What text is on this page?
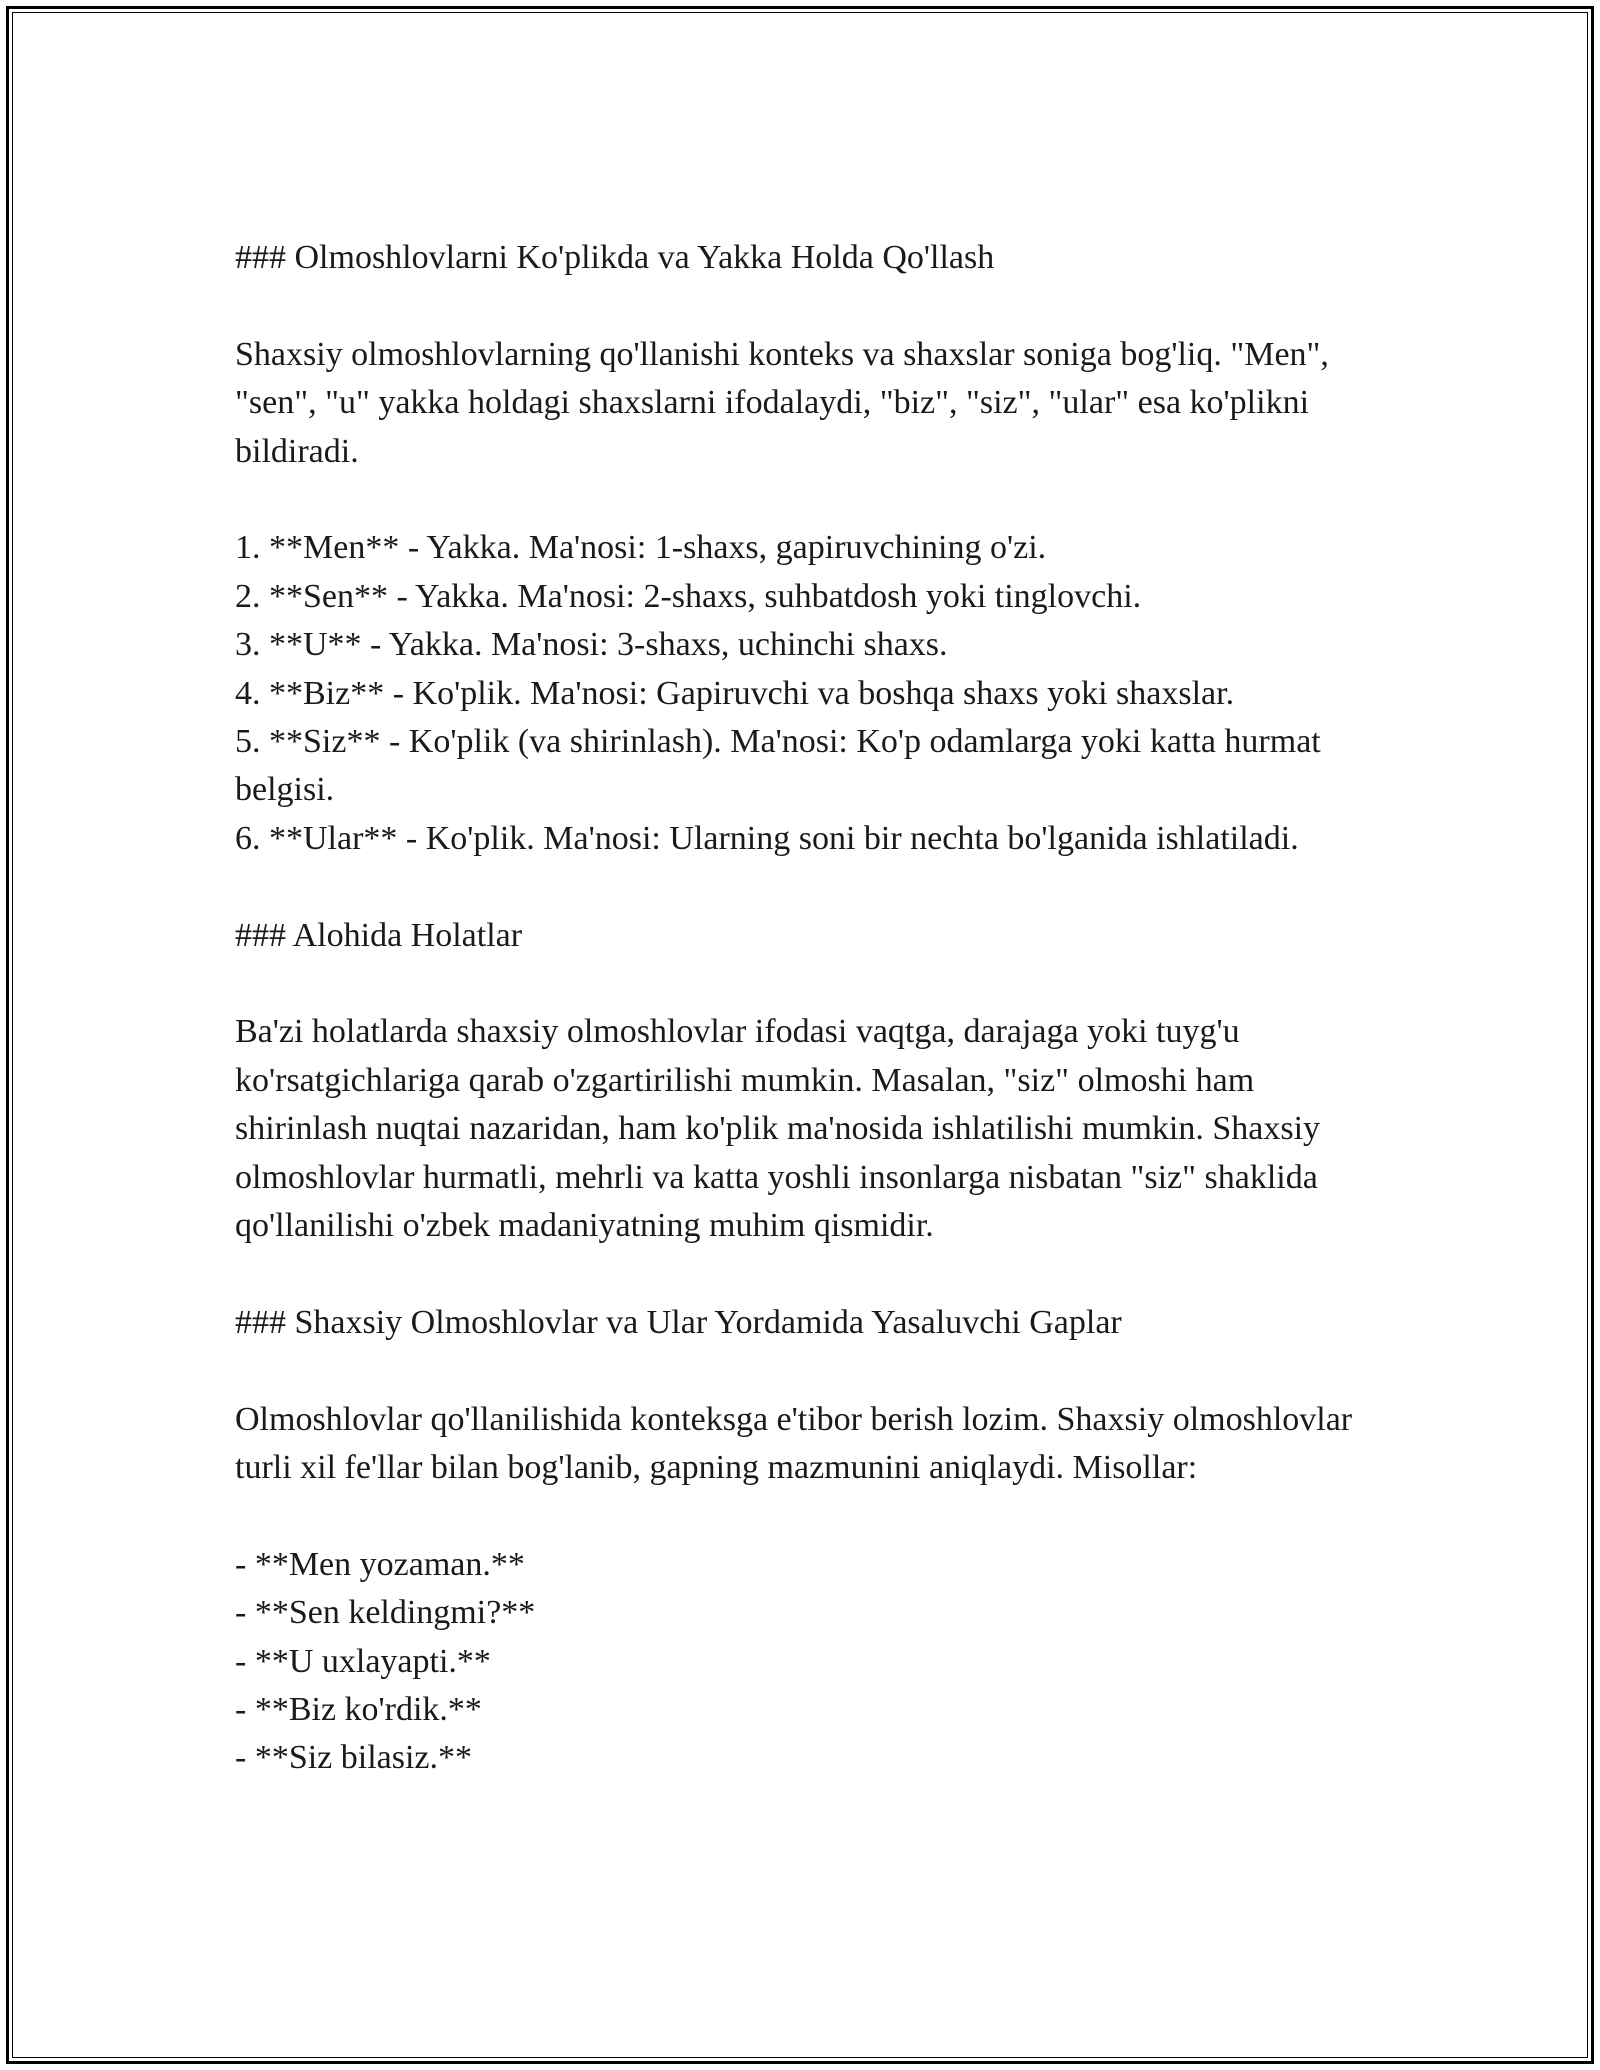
### Olmoshlovlarni Ko'plikda va Yakka Holda Qo'llash

Shaxsiy olmoshlovlarning qo'llanishi konteks va shaxslar soniga bog'liq. "Men", "sen", "u" yakka holdagi shaxslarni ifodalaydi, "biz", "siz", "ular" esa ko'plikni bildiradi.

1. **Men** - Yakka. Ma'nosi: 1-shaxs, gapiruvchining o'zi.

2. **Sen** - Yakka. Ma'nosi: 2-shaxs, suhbatdosh yoki tinglovchi.

3. **U** - Yakka. Ma'nosi: 3-shaxs, uchinchi shaxs.

4. **Biz** - Ko'plik. Ma'nosi: Gapiruvchi va boshqa shaxs yoki shaxslar.

5. **Siz** - Ko'plik (va shirinlash). Ma'nosi: Ko'p odamlarga yoki katta hurmat belgisi.

6. **Ular** - Ko'plik. Ma'nosi: Ularning soni bir nechta bo'lganida ishlatiladi.

### Alohida Holatlar

Ba'zi holatlarda shaxsiy olmoshlovlar ifodasi vaqtga, darajaga yoki tuyg'u ko'rsatgichlariga qarab o'zgartirilishi mumkin. Masalan, "siz" olmoshi ham shirinlash nuqtai nazaridan, ham ko'plik ma'nosida ishlatilishi mumkin. Shaxsiy olmoshlovlar hurmatli, mehrli va katta yoshli insonlarga nisbatan "siz" shaklida qo'llanilishi o'zbek madaniyatning muhim qismidir.

### Shaxsiy Olmoshlovlar va Ular Yordamida Yasaluvchi Gaplar

Olmoshlovlar qo'llanilishida konteksga e'tibor berish lozim. Shaxsiy olmoshlovlar turli xil fe'llar bilan bog'lanib, gapning mazmunini aniqlaydi. Misollar:

- **Men yozaman.**

- **Sen keldingmi?**

- **U uxlayapti.**

- **Biz ko'rdik.**

- **Siz bilasiz.**
